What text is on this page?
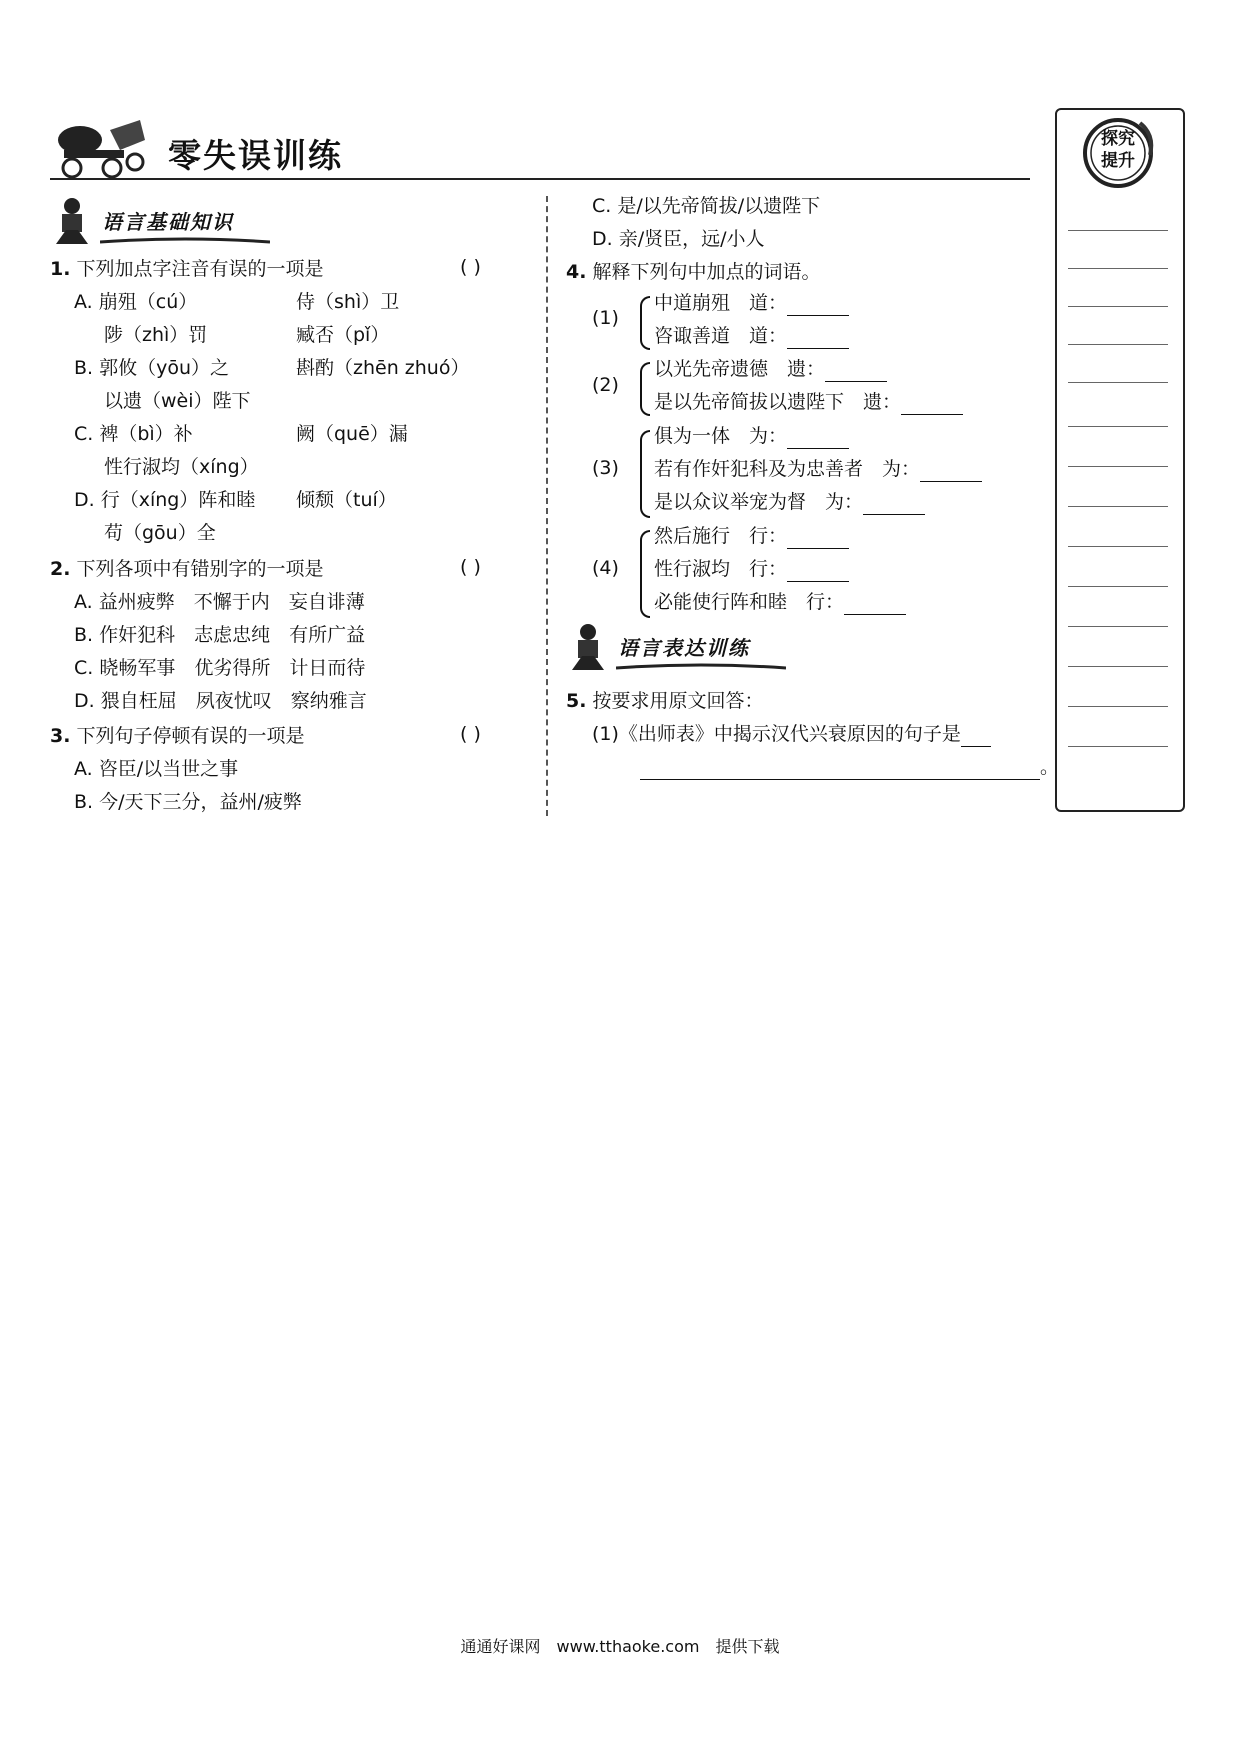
零失误训练
语言基础知识
1. 下列加点字注音有误的一项是	( )
A. 崩殂（cú）	侍（shì）卫
陟（zhì）罚	臧否（pǐ）
B. 郭攸（yōu）之	斟酌（zhēn zhuó）
以遗（wèi）陛下
C. 裨（bì）补	阙（quē）漏
性行淑均（xíng）
D. 行（xíng）阵和睦 倾颓（tuí）
苟（gōu）全
2. 下列各项中有错别字的一项是	( )
A. 益州疲弊　不懈于内　妄自诽薄
B. 作奸犯科　志虑忠纯　有所广益
C. 晓畅军事　优劣得所　计日而待
D. 猥自枉屈　夙夜忧叹　察纳雅言
3. 下列句子停顿有误的一项是	( )
A. 咨臣/以当世之事
B. 今/天下三分，益州/疲弊
C. 是/以先帝简拔/以遗陛下
D. 亲/贤臣，远/小人
4. 解释下列句中加点的词语。
(1)
中道崩殂　道：
咨诹善道　道：
(2)
以光先帝遗德　遗：
是以先帝简拔以遗陛下　遗：
(3)
俱为一体　为：
若有作奸犯科及为忠善者　为：
是以众议举宠为督　为：
(4)
然后施行　行：
性行淑均　行：
必能使行阵和睦　行：
语言表达训练
5. 按要求用原文回答：
(1)《出师表》中揭示汉代兴衰原因的句子是
。
探究提升
通通好课网　www.tthaoke.com　提供下载
